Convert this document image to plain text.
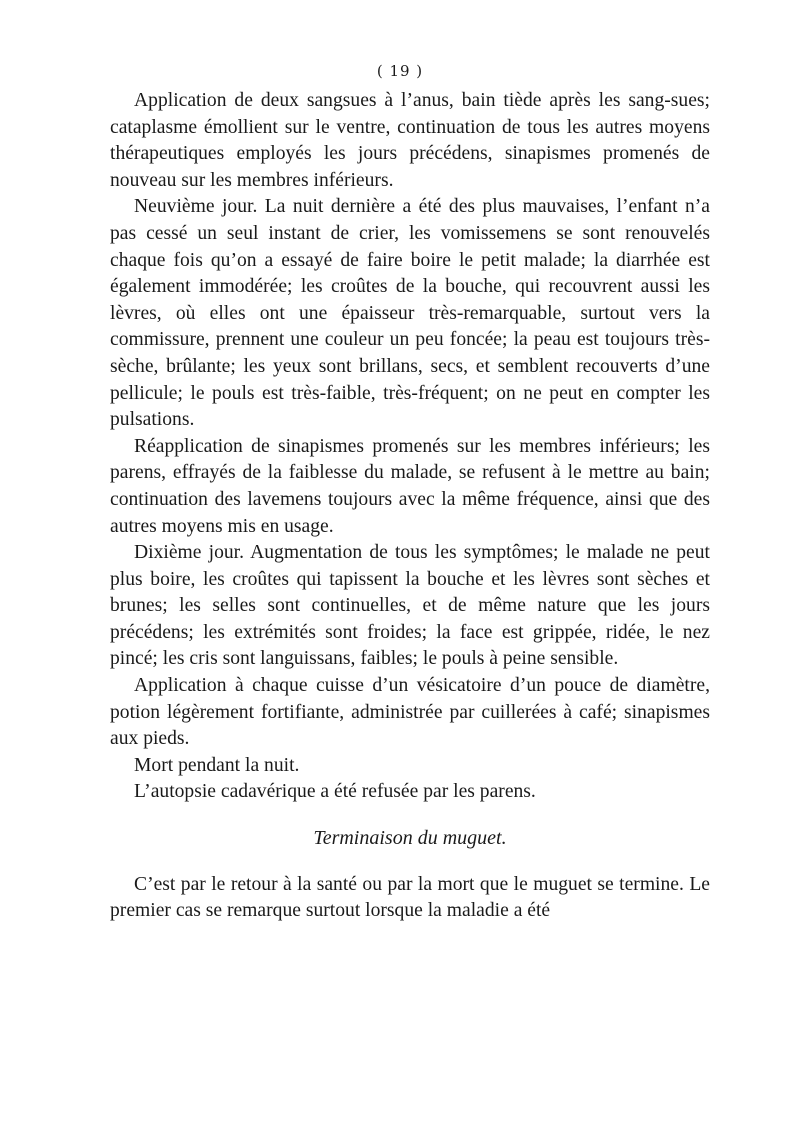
( 19 )

Application de deux sangsues à l’anus, bain tiède après les sang-sues; cataplasme émollient sur le ventre, continuation de tous les autres moyens thérapeutiques employés les jours précédens, sinapismes promenés de nouveau sur les membres inférieurs.

Neuvième jour. La nuit dernière a été des plus mauvaises, l’enfant n’a pas cessé un seul instant de crier, les vomissemens se sont renouvelés chaque fois qu’on a essayé de faire boire le petit malade; la diarrhée est également immodérée; les croûtes de la bouche, qui recouvrent aussi les lèvres, où elles ont une épaisseur très-remarquable, surtout vers la commissure, prennent une couleur un peu foncée; la peau est toujours très-sèche, brûlante; les yeux sont brillans, secs, et semblent recouverts d’une pellicule; le pouls est très-faible, très-fréquent; on ne peut en compter les pulsations.

Réapplication de sinapismes promenés sur les membres inférieurs; les parens, effrayés de la faiblesse du malade, se refusent à le mettre au bain; continuation des lavemens toujours avec la même fréquence, ainsi que des autres moyens mis en usage.

Dixième jour. Augmentation de tous les symptômes; le malade ne peut plus boire, les croûtes qui tapissent la bouche et les lèvres sont sèches et brunes; les selles sont continuelles, et de même nature que les jours précédens; les extrémités sont froides; la face est grippée, ridée, le nez pincé; les cris sont languissans, faibles; le pouls à peine sensible.

Application à chaque cuisse d’un vésicatoire d’un pouce de diamètre, potion légèrement fortifiante, administrée par cuillerées à café; sinapismes aux pieds.

Mort pendant la nuit.

L’autopsie cadavérique a été refusée par les parens.

Terminaison du muguet.

C’est par le retour à la santé ou par la mort que le muguet se termine. Le premier cas se remarque surtout lorsque la maladie a été
